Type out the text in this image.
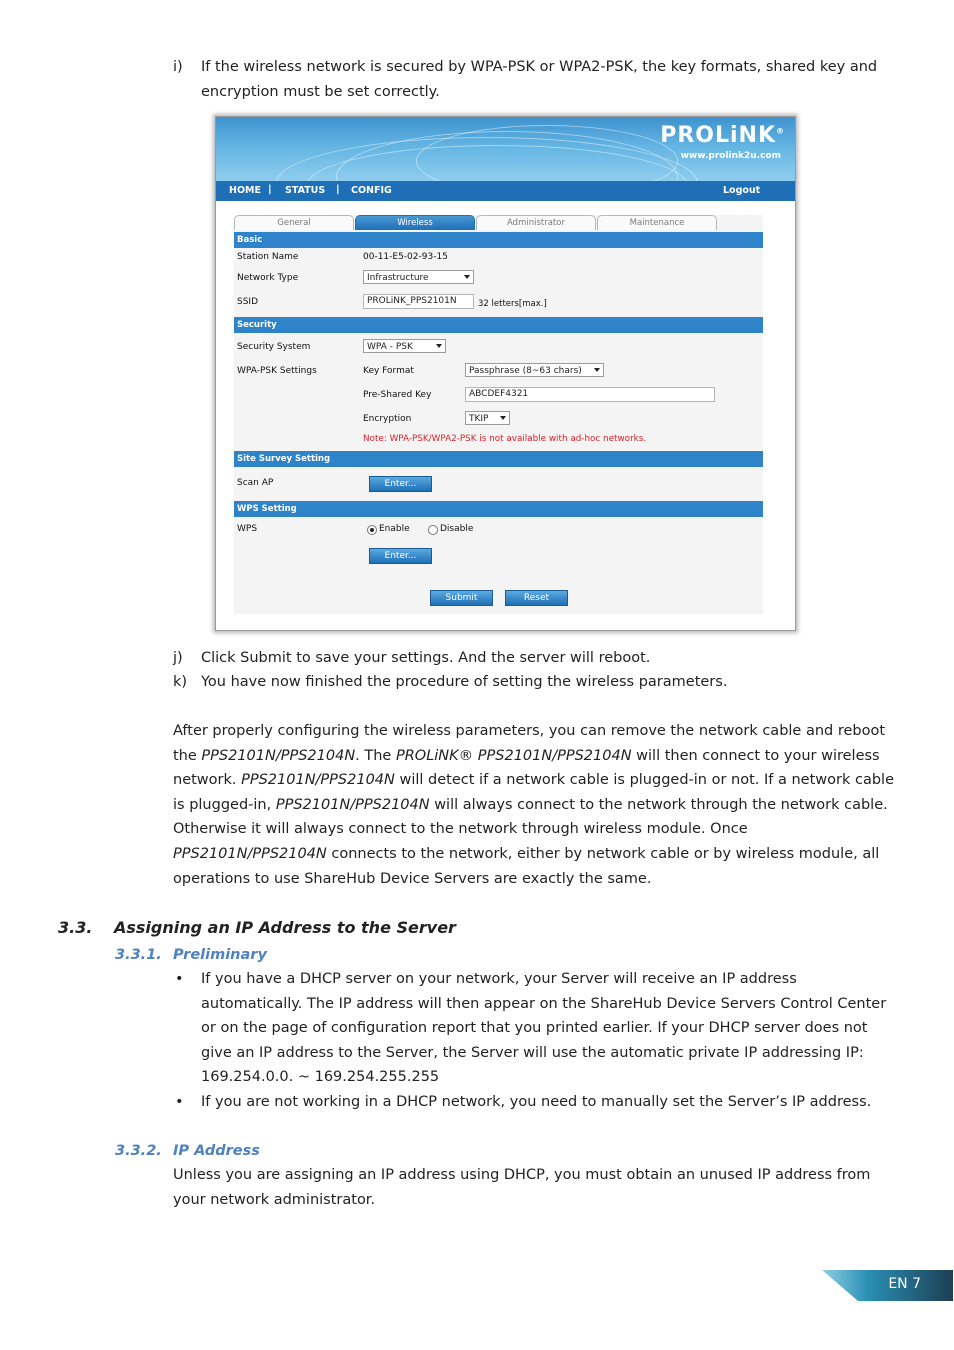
i) If the wireless network is secured by WPA-PSK or WPA2-PSK, the key formats, shared key and encryption must be set correctly.
PROLiNK®
www.prolink2u.com
HOME | STATUS | CONFIG	Logout
General	Wireless	Administrator	Maintenance
Basic
Station Name	00-11-E5-02-93-15
Network Type	Infrastructure
SSID	PROLiNK_PPS2101N	32 letters[max.]
Security
Security System	WPA - PSK
WPA-PSK Settings	Key Format	Passphrase (8~63 chars)
Pre-Shared Key	ABCDEF4321
Encryption	TKIP
Note: WPA-PSK/WPA2-PSK is not available with ad-hoc networks.
Site Survey Setting
Scan AP	Enter...
WPS Setting
WPS	Enable	Disable
Enter...
Submit	Reset
j) Click Submit to save your settings. And the server will reboot.
k) You have now finished the procedure of setting the wireless parameters.

After properly configuring the wireless parameters, you can remove the network cable and reboot the PPS2101N/PPS2104N. The PROLiNK® PPS2101N/PPS2104N will then connect to your wireless network. PPS2101N/PPS2104N will detect if a network cable is plugged-in or not. If a network cable is plugged-in, PPS2101N/PPS2104N will always connect to the network through the network cable. Otherwise it will always connect to the network through wireless module. Once PPS2101N/PPS2104N connects to the network, either by network cable or by wireless module, all operations to use ShareHub Device Servers are exactly the same.

3.3. Assigning an IP Address to the Server
3.3.1. Preliminary
• If you have a DHCP server on your network, your Server will receive an IP address automatically. The IP address will then appear on the ShareHub Device Servers Control Center or on the page of configuration report that you printed earlier. If your DHCP server does not give an IP address to the Server, the Server will use the automatic private IP addressing IP: 169.254.0.0. ~ 169.254.255.255
• If you are not working in a DHCP network, you need to manually set the Server’s IP address.
3.3.2. IP Address

Unless you are assigning an IP address using DHCP, you must obtain an unused IP address from your network administrator.

EN 7
